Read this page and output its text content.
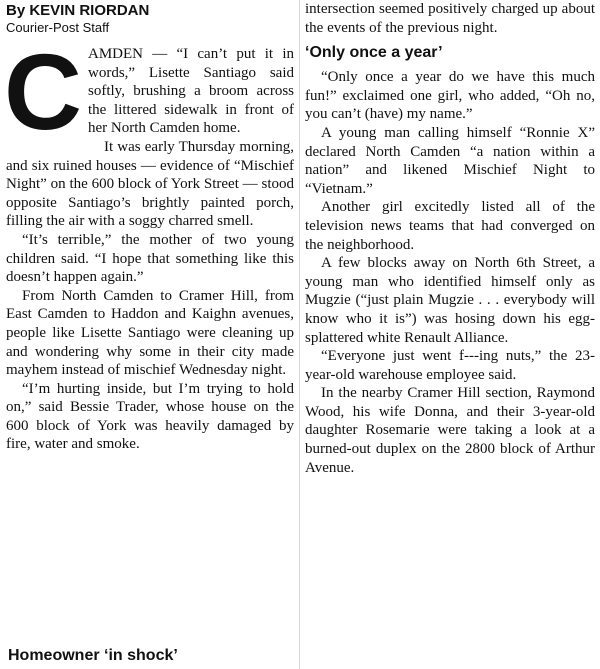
By KEVIN RIORDAN
Courier-Post Staff

CAMDEN — “I can’t put it in words,” Lisette Santiago said softly, brushing a broom across the littered sidewalk in front of her North Camden home.

It was early Thursday morning, and six ruined houses — evidence of “Mischief Night” on the 600 block of York Street — stood opposite Santiago’s brightly painted porch, filling the air with a soggy charred smell.

“It’s terrible,” the mother of two young children said. “I hope that something like this doesn’t happen again.”

From North Camden to Cramer Hill, from East Camden to Haddon and Kaighn avenues, people like Lisette Santiago were cleaning up and wondering why some in their city made mayhem instead of mischief Wednesday night.

“I’m hurting inside, but I’m trying to hold on,” said Bessie Trader, whose house on the 600 block of York was heavily damaged by fire, water and smoke.

Homeowner ‘in shock’

intersection seemed positively charged up about the events of the previous night.

‘Only once a year’

“Only once a year do we have this much fun!” exclaimed one girl, who added, “Oh no, you can’t (have) my name.”

A young man calling himself “Ronnie X” declared North Camden “a nation within a nation” and likened Mischief Night to “Vietnam.”

Another girl excitedly listed all of the television news teams that had converged on the neighborhood.

A few blocks away on North 6th Street, a young man who identified himself only as Mugzie (“just plain Mugzie . . . everybody will know who it is”) was hosing down his egg-splattered white Renault Alliance.

“Everyone just went f---ing nuts,” the 23-year-old warehouse employee said.

In the nearby Cramer Hill section, Raymond Wood, his wife Donna, and their 3-year-old daughter Rosemarie were taking a look at a burned-out duplex on the 2800 block of Arthur Avenue.
